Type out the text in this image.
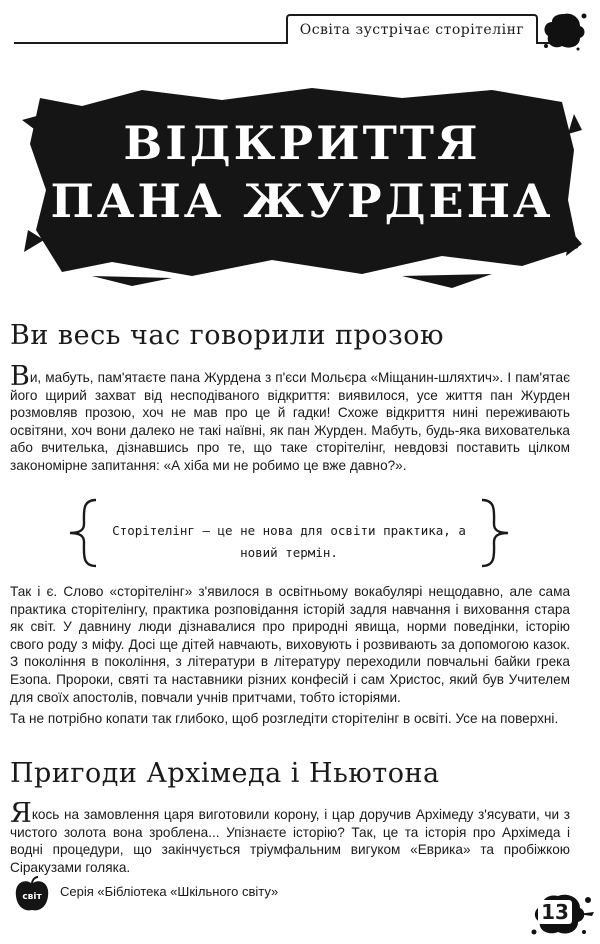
Освіта зустрічає сторітелінг
ВІДКРИТТЯ
ПАНА ЖУРДЕНА
Ви весь час говорили прозою

Ви, мабуть, пам'ятаєте пана Журдена з п'єси Мольєра «Міщанин-шляхтич». І пам'ятає його щирий захват від несподіваного відкриття: виявилося, усе життя пан Журден розмовляв прозою, хоч не мав про це й гадки! Схоже відкриття нині переживають освітяни, хоч вони далеко не такі наївні, як пан Журден. Мабуть, будь-яка вихователька або вчителька, дізнавшись про те, що таке сторітелінг, невдовзі поставить цілком закономірне запитання: «А хіба ми не робимо це вже давно?».

Сторітелінг – це не нова для освіти практика, а новий термін.

Так і є. Слово «сторітелінг» з'явилося в освітньому вокабулярі нещодавно, але сама практика сторітелінгу, практика розповідання історій задля навчання і виховання стара як світ. У давнину люди дізнавалися про природні явища, норми поведінки, історію свого роду з міфу. Досі ще дітей навчають, виховують і розвивають за допомогою казок. З покоління в покоління, з літератури в літературу переходили повчальні байки грека Езопа. Пророки, святі та наставники різних конфесій і сам Христос, який був Учителем для своїх апостолів, повчали учнів притчами, тобто історіями.

Та не потрібно копати так глибоко, щоб розгледіти сторітелінг в освіті. Усе на поверхні.

Пригоди Архімеда і Ньютона

Якось на замовлення царя виготовили корону, і цар доручив Архімеду з'ясувати, чи з чистого золота вона зроблена... Упізнаєте історію? Так, це та історія про Архімеда і водні процедури, що закінчується тріумфальним вигуком «Еврика» та пробіжкою Сіракузами голяка.

світ Серія «Бібліотека «Шкільного світу»
13
